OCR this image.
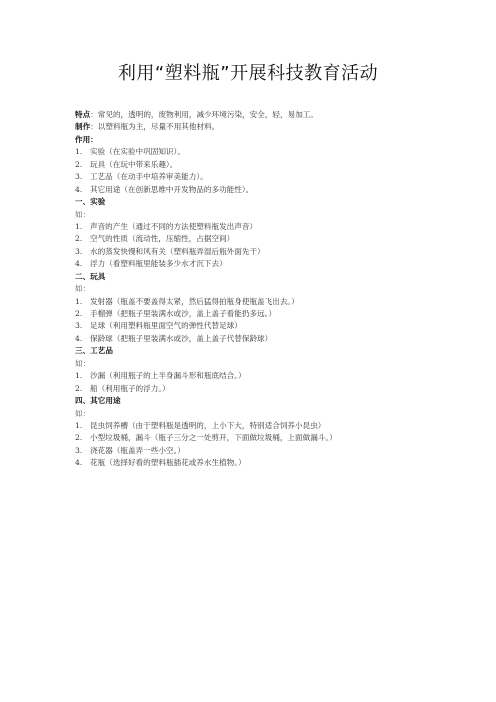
利用“塑料瓶”开展科技教育活动
特点：常见的，透明的，废物利用，减少环境污染，安全，轻，易加工。
制作：以塑料瓶为主，尽量不用其他材料。
作用：
1. 实验（在实验中巩固知识）。
2. 玩具（在玩中带来乐趣）。
3. 工艺品（在动手中培养审美能力）。
4. 其它用途（在创新思维中开发物品的多功能性）。
一、实验
如：
1. 声音的产生（通过不同的方法使塑料瓶发出声音）
2. 空气的性质（流动性，压缩性，占据空间）
3. 水的蒸发快慢和风有关（塑料瓶弄湿后瓶外面先干）
4. 浮力（看塑料瓶里能装多少水才沉下去）
二、玩具
如：
1. 发射器（瓶盖不要盖得太紧，然后猛得拍瓶身使瓶盖飞出去。）
2. 手榴弹（把瓶子里装满水或沙，盖上盖子看能扔多远。）
3. 足球（利用塑料瓶里面空气的弹性代替足球）
4. 保龄球（把瓶子里装满水或沙，盖上盖子代替保龄球）
三、工艺品
如：
1. 沙漏（利用瓶子的上半身漏斗形和瓶底结合。）
2. 船（利用瓶子的浮力。）
四、其它用途
如：
1. 昆虫饲养槽（由于塑料瓶是透明的，上小下大，特别适合饲养小昆虫）
2. 小型垃圾桶，漏斗（瓶子三分之一处剪开，下面做垃圾桶，上面做漏斗。）
3. 浇花器（瓶盖弄一些小空。）
4. 花瓶（选择好看的塑料瓶插花或养水生植物。）
